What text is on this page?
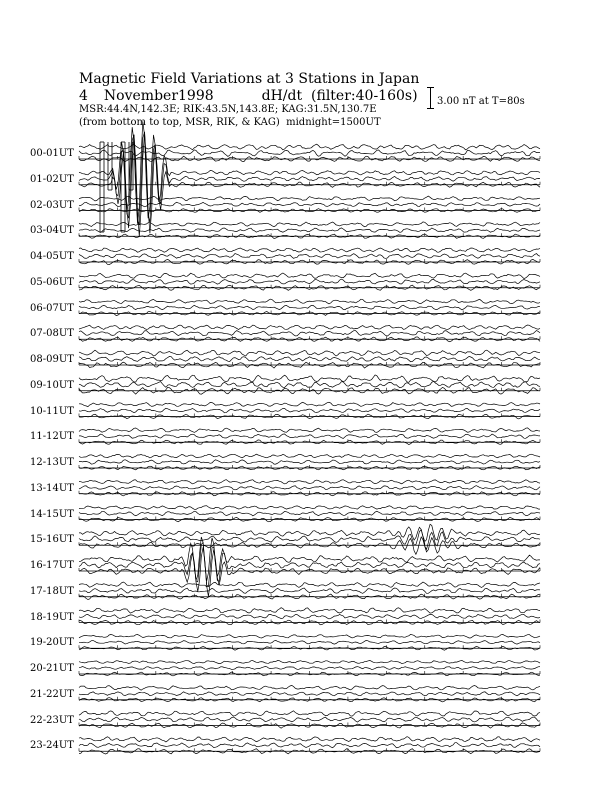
Magnetic Field Variations at 3 Stations in Japan
4 November1998	dH/dt (filter:40-160s)
MSR:44.4N,142.3E; RIK:43.5N,143.8E; KAG:31.5N,130.7E
(from bottom to top, MSR, RIK, & KAG) midnight=1500UT
3.00 nT at T=80s
00-01UT
01-02UT
02-03UT
03-04UT
04-05UT
05-06UT
06-07UT
07-08UT
08-09UT
09-10UT
10-11UT
11-12UT
12-13UT
13-14UT
14-15UT
15-16UT
16-17UT
17-18UT
18-19UT
19-20UT
20-21UT
21-22UT
22-23UT
23-24UT
